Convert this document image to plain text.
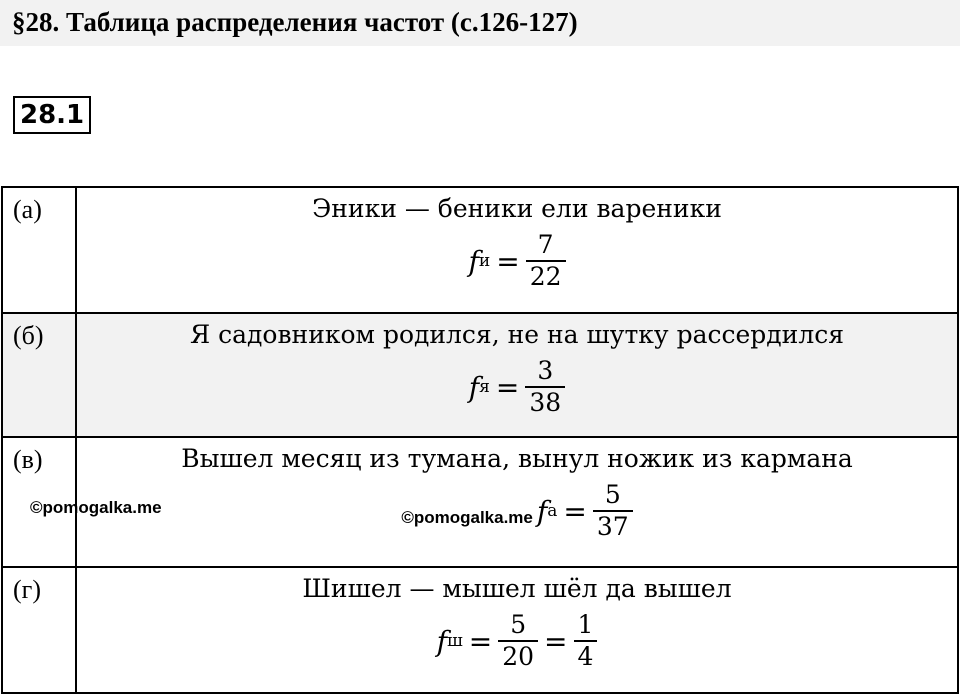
§28. Таблица распределения частот (с.126-127)
28.1
(а)	Эники — беники ели вареники
f $и = \frac{7}{22}$
(б)	Я садовником родился, не на шутку рассердился
f $я = \frac{3}{38}$
(в)	Вышел месяц из тумана, вынул ножик из кармана
©pomogalka.me f $а = \frac{5}{37}$
(г)	Шишел — мышел шёл да вышел
f $ш = \frac{5}{20} = \frac{1}{4}$
©pomogalka.me
